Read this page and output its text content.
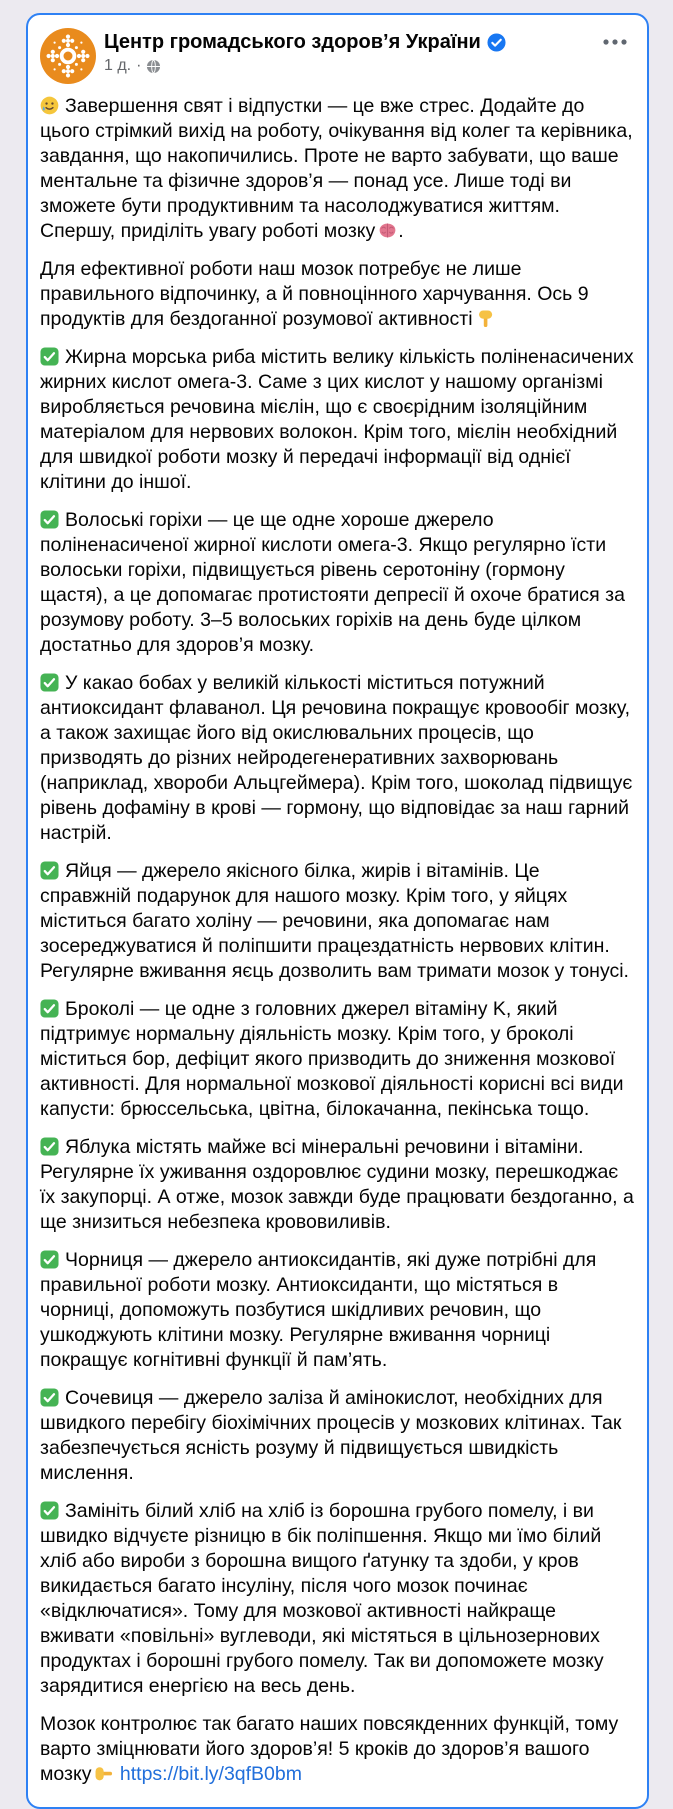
Центр громадського здоров’я України
1 д. ·

Завершення свят і відпустки — це вже стрес. Додайте до цього стрімкий вихід на роботу, очікування від колег та керівника, завдання, що накопичились. Проте не варто забувати, що ваше ментальне та фізичне здоров’я — понад усе. Лише тоді ви зможете бути продуктивним та насолоджуватися життям. Спершу, приділіть увагу роботі мозку .

Для ефективної роботи наш мозок потребує не лише правильного відпочинку, а й повноцінного харчування. Ось 9 продуктів для бездоганної розумової активності

Жирна морська риба містить велику кількість поліненасичених жирних кислот омега-3. Саме з цих кислот у нашому організмі виробляється речовина мієлін, що є своєрідним ізоляційним матеріалом для нервових волокон. Крім того, мієлін необхідний для швидкої роботи мозку й передачі інформації від однієї клітини до іншої.

Волоські горіхи — це ще одне хороше джерело поліненасиченої жирної кислоти омега-3. Якщо регулярно їсти волоськи горіхи, підвищується рівень серотоніну (гормону щастя), а це допомагає протистояти депресії й охоче братися за розумову роботу. 3–5 волоських горіхів на день буде цілком достатньо для здоров’я мозку.

У какао бобах у великій кількості міститься потужний антиоксидант флаванол. Ця речовина покращує кровообіг мозку, а також захищає його від окислювальних процесів, що призводять до різних нейродегенеративних захворювань (наприклад, хвороби Альцгеймера). Крім того, шоколад підвищує рівень дофаміну в крові — гормону, що відповідає за наш гарний настрій.

Яйця — джерело якісного білка, жирів і вітамінів. Це справжній подарунок для нашого мозку. Крім того, у яйцях міститься багато холіну — речовини, яка допомагає нам зосереджуватися й поліпшити працездатність нервових клітин. Регулярне вживання яєць дозволить вам тримати мозок у тонусі.

Броколі — це одне з головних джерел вітаміну K, який підтримує нормальну діяльність мозку. Крім того, у броколі міститься бор, дефіцит якого призводить до зниження мозкової активності. Для нормальної мозкової діяльності корисні всі види капусти: брюссельська, цвітна, білокачанна, пекінська тощо.

Яблука містять майже всі мінеральні речовини і вітаміни. Регулярне їх уживання оздоровлює судини мозку, перешкоджає їх закупорці. А отже, мозок завжди буде працювати бездоганно, а ще знизиться небезпека крововиливів.

Чорниця — джерело антиоксидантів, які дуже потрібні для правильної роботи мозку. Антиоксиданти, що містяться в чорниці, допоможуть позбутися шкідливих речовин, що ушкоджують клітини мозку. Регулярне вживання чорниці покращує когнітивні функції й пам’ять.

Сочевиця — джерело заліза й амінокислот, необхідних для швидкого перебігу біохімічних процесів у мозкових клітинах. Так забезпечується ясність розуму й підвищується швидкість мислення.

Замініть білий хліб на хліб із борошна грубого помелу, і ви швидко відчуєте різницю в бік поліпшення. Якщо ми їмо білий хліб або вироби з борошна вищого ґатунку та здоби, у кров викидається багато інсуліну, після чого мозок починає «відключатися». Тому для мозкової активності найкраще вживати «повільні» вуглеводи, які містяться в цільнозернових продуктах і борошні грубого помелу. Так ви допоможете мозку зарядитися енергією на весь день.

Мозок контролює так багато наших повсякденних функцій, тому варто зміцнювати його здоров’я! 5 кроків до здоров’я вашого мозку https://bit.ly/3qfB0bm
